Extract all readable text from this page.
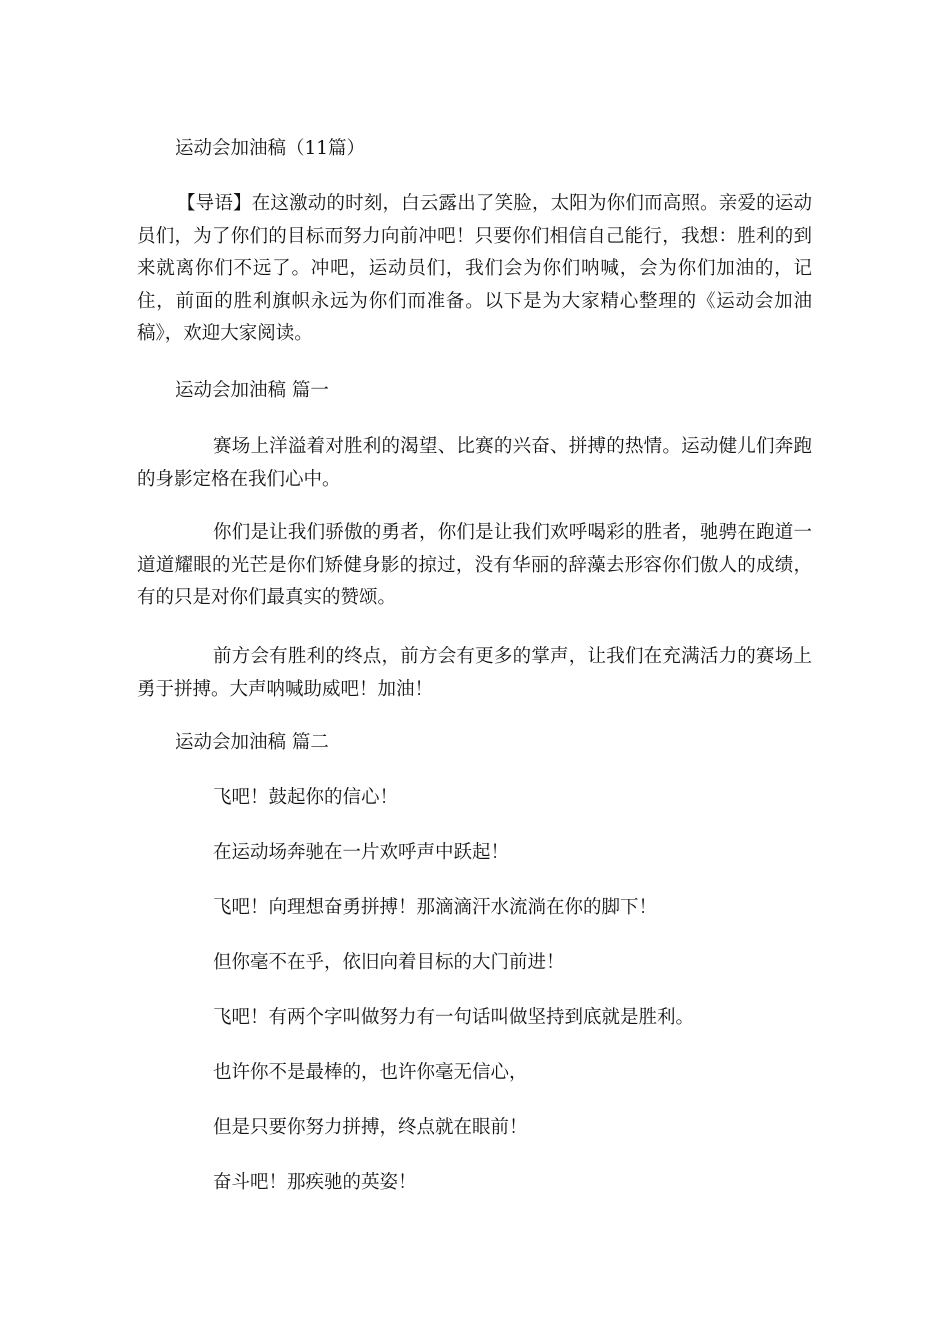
运动会加油稿（11篇）

【导语】在这激动的时刻，白云露出了笑脸，太阳为你们而高照。亲爱的运动员们，为了你们的目标而努力向前冲吧！只要你们相信自己能行，我想：胜利的到来就离你们不远了。冲吧，运动员们，我们会为你们呐喊，会为你们加油的，记住，前面的胜利旗帜永远为你们而准备。以下是为大家精心整理的《运动会加油稿》，欢迎大家阅读。

运动会加油稿 篇一

赛场上洋溢着对胜利的渴望、比赛的兴奋、拼搏的热情。运动健儿们奔跑的身影定格在我们心中。

你们是让我们骄傲的勇者，你们是让我们欢呼喝彩的胜者，驰骋在跑道一道道耀眼的光芒是你们矫健身影的掠过，没有华丽的辞藻去形容你们傲人的成绩，有的只是对你们最真实的赞颂。

前方会有胜利的终点，前方会有更多的掌声，让我们在充满活力的赛场上勇于拼搏。大声呐喊助威吧！加油！

运动会加油稿 篇二

飞吧！鼓起你的信心！

在运动场奔驰在一片欢呼声中跃起！

飞吧！向理想奋勇拼搏！那滴滴汗水流淌在你的脚下！

但你毫不在乎，依旧向着目标的大门前进！

飞吧！有两个字叫做努力有一句话叫做坚持到底就是胜利。

也许你不是最棒的，也许你毫无信心，

但是只要你努力拼搏，终点就在眼前！

奋斗吧！那疾驰的英姿！
